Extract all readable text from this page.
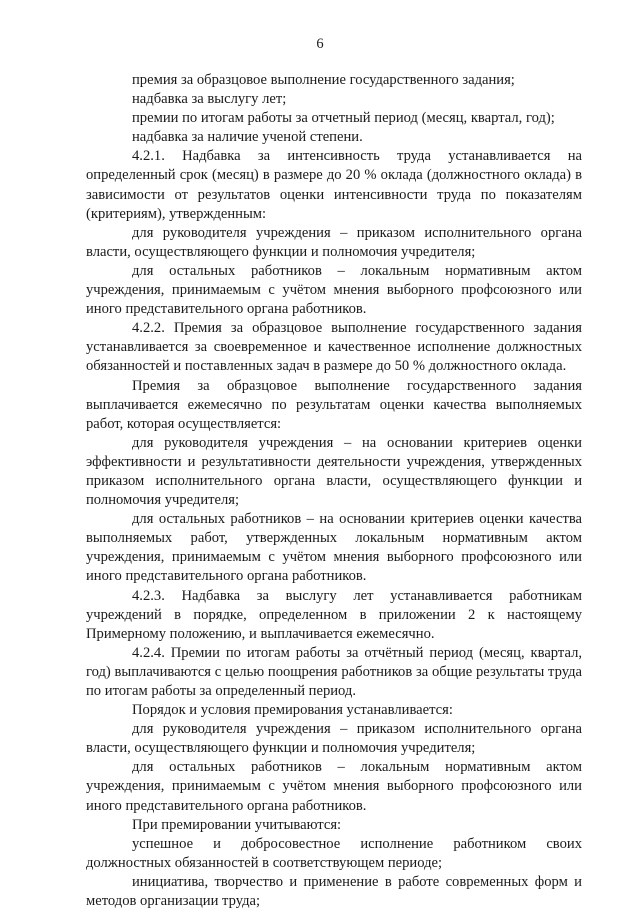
6

премия за образцовое выполнение государственного задания;

надбавка за выслугу лет;

премии по итогам работы за отчетный период (месяц, квартал, год);

надбавка за наличие ученой степени.

4.2.1. Надбавка за интенсивность труда устанавливается на определенный срок (месяц) в размере до 20 % оклада (должностного оклада) в зависимости от результатов оценки интенсивности труда по показателям (критериям), утвержденным:

для руководителя учреждения – приказом исполнительного органа власти, осуществляющего функции и полномочия учредителя;

для остальных работников – локальным нормативным актом учреждения, принимаемым с учётом мнения выборного профсоюзного или иного представительного органа работников.

4.2.2. Премия за образцовое выполнение государственного задания устанавливается за своевременное и качественное исполнение должностных обязанностей и поставленных задач в размере до 50 % должностного оклада.

Премия за образцовое выполнение государственного задания выплачивается ежемесячно по результатам оценки качества выполняемых работ, которая осуществляется:

для руководителя учреждения – на основании критериев оценки эффективности и результативности деятельности учреждения, утвержденных приказом исполнительного органа власти, осуществляющего функции и полномочия учредителя;

для остальных работников – на основании критериев оценки качества выполняемых работ, утвержденных локальным нормативным актом учреждения, принимаемым с учётом мнения выборного профсоюзного или иного представительного органа работников.

4.2.3. Надбавка за выслугу лет устанавливается работникам учреждений в порядке, определенном в приложении 2 к настоящему Примерному положению, и выплачивается ежемесячно.

4.2.4. Премии по итогам работы за отчётный период (месяц, квартал, год) выплачиваются с целью поощрения работников за общие результаты труда по итогам работы за определенный период.

Порядок и условия премирования устанавливается:

для руководителя учреждения – приказом исполнительного органа власти, осуществляющего функции и полномочия учредителя;

для остальных работников – локальным нормативным актом учреждения, принимаемым с учётом мнения выборного профсоюзного или иного представительного органа работников.

При премировании учитываются:

успешное и добросовестное исполнение работником своих должностных обязанностей в соответствующем периоде;

инициатива, творчество и применение в работе современных форм и методов организации труда;
